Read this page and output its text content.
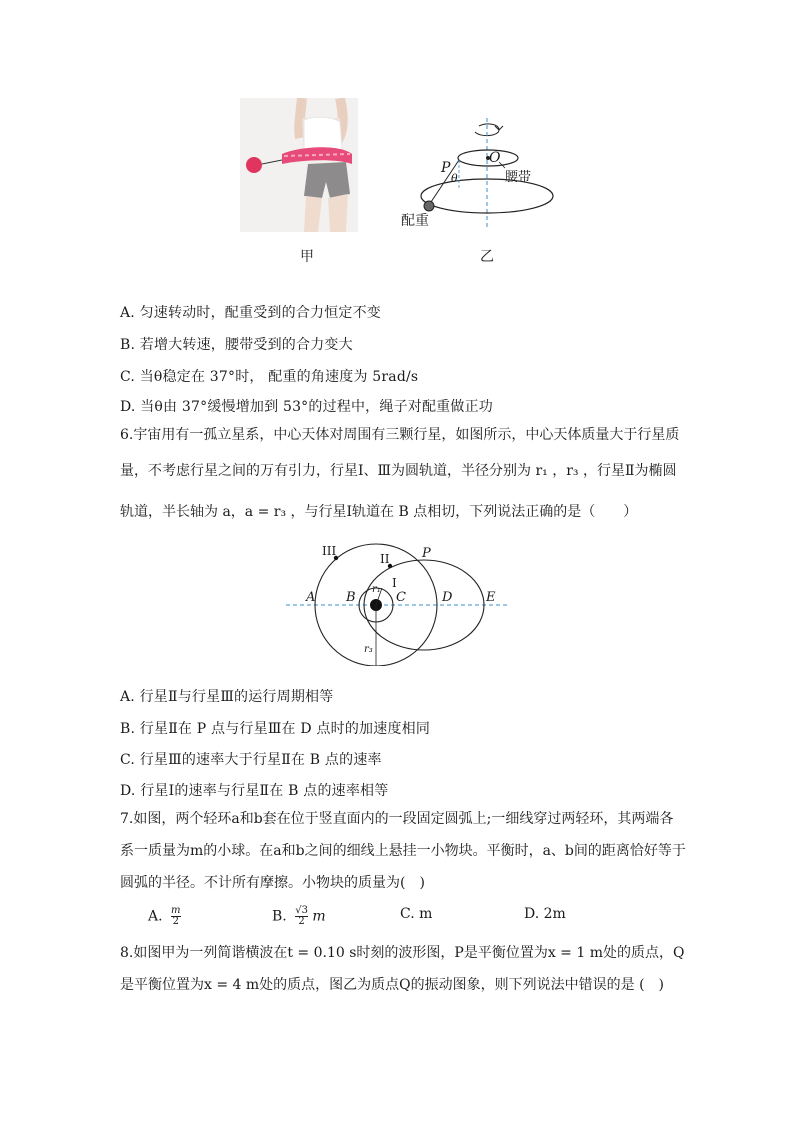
甲
P
O
θ	腰带
配重
乙
A. 匀速转动时，配重受到的合力恒定不变
B. 若增大转速，腰带受到的合力变大
C. 当θ稳定在 37°时， 配重的角速度为 5rad/s
D. 当θ由 37°缓慢增加到 53°的过程中，绳子对配重做正功
6.宇宙用有一孤立星系，中心天体对周围有三颗行星，如图所示，中心天体质量大于行星质
量，不考虑行星之间的万有引力，行星Ⅰ、Ⅲ为圆轨道，半径分别为 r₁ ，r₃ ，行星Ⅱ为椭圆
轨道，半长轴为 a，a = r₃ ，与行星Ⅰ轨道在 B 点相切，下列说法正确的是（　　）
III
II
I
P
A B	C	D	E
r₁
r₃
A. 行星Ⅱ与行星Ⅲ的运行周期相等
B. 行星Ⅱ在 P 点与行星Ⅲ在 D 点时的加速度相同
C. 行星Ⅲ的速率大于行星Ⅱ在 B 点的速率
D. 行星Ⅰ的速率与行星Ⅱ在 B 点的速率相等
7.如图，两个轻环a和b套在位于竖直面内的一段固定圆弧上;一细线穿过两轻环，其两端各
系一质量为m的小球。在a和b之间的细线上悬挂一小物块。平衡时，a、b间的距离恰好等于
圆弧的半径。不计所有摩擦。小物块的质量为(　)
A. $\frac{m}{2}$	B. $\frac{√3}{2}$ m	C. m	D. 2m
8.如图甲为一列简谐横波在t = 0.10 s时刻的波形图，P是平衡位置为x = 1 m处的质点，Q
是平衡位置为x = 4 m处的质点，图乙为质点Q的振动图象，则下列说法中错误的是 (　)
